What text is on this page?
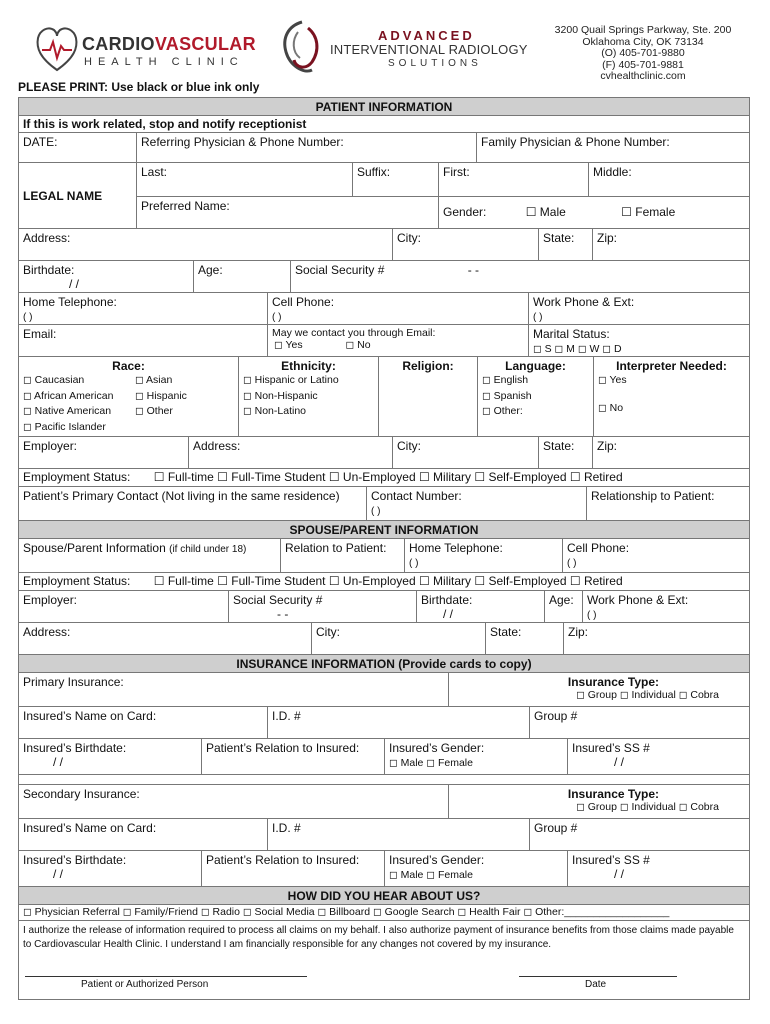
CARDIOVASCULAR
HEALTH CLINIC
ADVANCED
INTERVENTIONAL RADIOLOGY
SOLUTIONS
3200 Quail Springs Parkway, Ste. 200
Oklahoma City, OK 73134
(O) 405-701-9880
(F) 405-701-9881
cvhealthclinic.com
PLEASE PRINT: Use black or blue ink only
PATIENT INFORMATION
If this is work related, stop and notify receptionist
DATE:	Referring Physician & Phone Number:	Family Physician & Phone Number:
LEGAL NAME
Last:	Suffix:	First:	Middle:
Preferred Name:	Gender:	☐ Male	☐ Female
Address:	City:	State:	Zip:
Birthdate:
/ /
Age:	Social Security #	- -
Home Telephone:
( )
Cell Phone:
( )
Work Phone & Ext:
( )
Email:	May we contact you through Email:
◻ Yes	◻ No
Marital Status:
◻ S ◻ M ◻ W ◻ D
Race:
◻ Caucasian
◻ African American
◻ Native American
◻ Pacific Islander
◻ Asian
◻ Hispanic
◻ Other
Ethnicity:
◻ Hispanic or Latino
◻ Non-Hispanic
◻ Non-Latino
Religion:	Language:
◻ English
◻ Spanish
◻ Other:
Interpreter Needed:
◻ Yes
◻ No
Employer:	Address:	City:	State:	Zip:
Employment Status: ☐ Full-time ☐ Full-Time Student ☐ Un-Employed ☐ Military ☐ Self-Employed ☐ Retired
Patient’s Primary Contact (Not living in the same residence)	Contact Number:
( )
Relationship to Patient:
SPOUSE/PARENT INFORMATION
Spouse/Parent Information (if child under 18)	Relation to Patient:	Home Telephone:
( )
Cell Phone:
( )
Employment Status: ☐ Full-time ☐ Full-Time Student ☐ Un-Employed ☐ Military ☐ Self-Employed ☐ Retired
Employer:	Social Security #
- -
Birthdate:
/ /
Age:	Work Phone & Ext:
( )
Address:	City:	State:	Zip:
INSURANCE INFORMATION (Provide cards to copy)
Primary Insurance:	Insurance Type:
◻ Group ◻ Individual ◻ Cobra
Insured’s Name on Card:	I.D. #	Group #
Insured’s Birthdate:
/ /
Patient’s Relation to Insured:	Insured’s Gender:
◻ Male ◻ Female
Insured’s SS #
/ /
Secondary Insurance:	Insurance Type:
◻ Group ◻ Individual ◻ Cobra
Insured’s Name on Card:	I.D. #	Group #
Insured’s Birthdate:
/ /
Patient’s Relation to Insured:	Insured’s Gender:
◻ Male ◻ Female
Insured’s SS #
/ /
HOW DID YOU HEAR ABOUT US?
◻ Physician Referral ◻ Family/Friend ◻ Radio ◻ Social Media ◻ Billboard ◻ Google Search ◻ Health Fair ◻ Other:__________________
I authorize the release of information required to process all claims on my behalf. I also authorize payment of insurance benefits from those claims made payable to Cardiovascular Health Clinic. I understand I am financially responsible for any changes not covered by my insurance.
Patient or Authorized Person	Date
